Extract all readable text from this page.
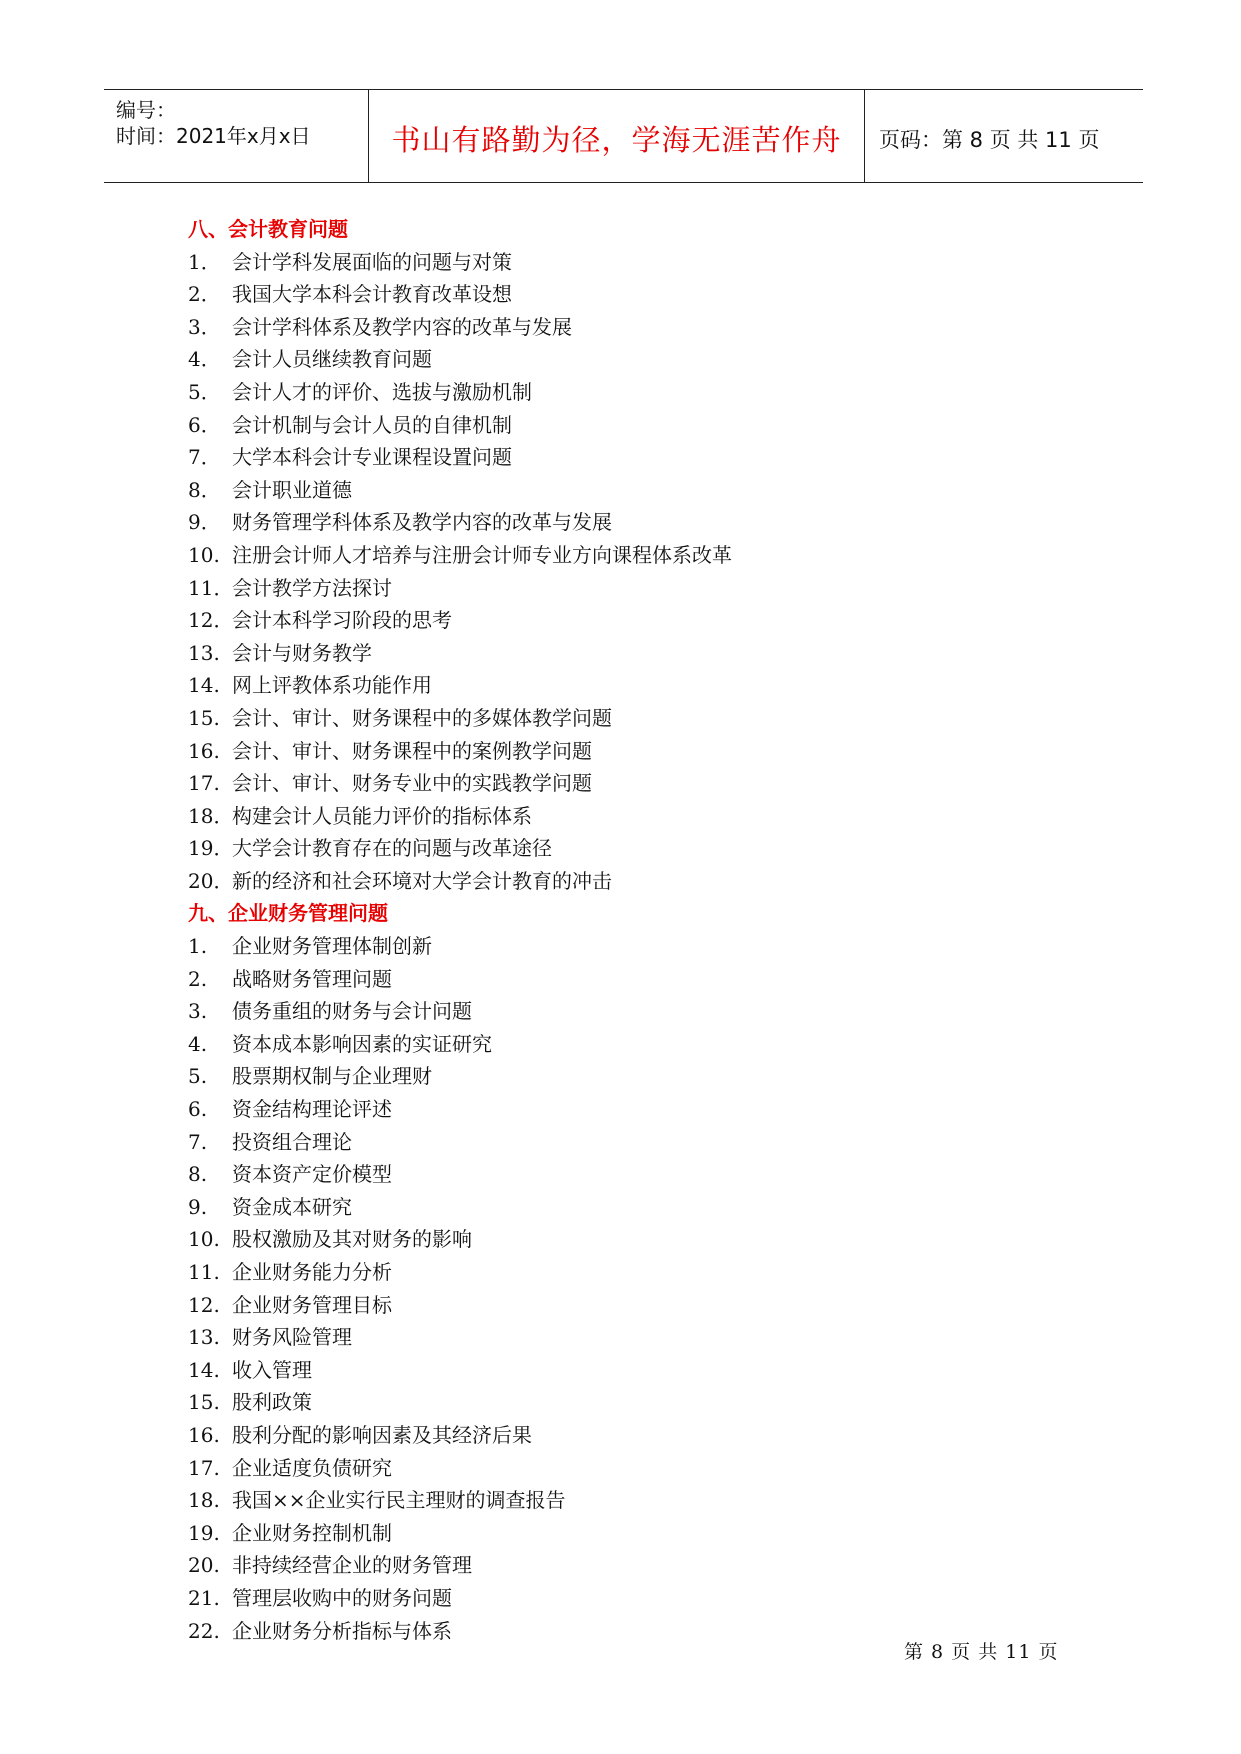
编号：
时间：2021年x月x日	书山有路勤为径，学海无涯苦作舟	页码：第 8 页 共 11 页
八、会计教育问题
1． 会计学科发展面临的问题与对策
2． 我国大学本科会计教育改革设想
3． 会计学科体系及教学内容的改革与发展
4． 会计人员继续教育问题
5． 会计人才的评价、选拔与激励机制
6． 会计机制与会计人员的自律机制
7． 大学本科会计专业课程设置问题
8． 会计职业道德
9． 财务管理学科体系及教学内容的改革与发展
10. 注册会计师人才培养与注册会计师专业方向课程体系改革
11．
会计教学方法探讨
12．
会计本科学习阶段的思考
13. 会计与财务教学
14. 网上评教体系功能作用
15. 会计、审计、财务课程中的多媒体教学问题
16. 会计、审计、财务课程中的案例教学问题
17. 会计、审计、财务专业中的实践教学问题
18．
构建会计人员能力评价的指标体系
19．
大学会计教育存在的问题与改革途径
20．
新的经济和社会环境对大学会计教育的冲击
九、企业财务管理问题
1.	企业财务管理体制创新
2.	战略财务管理问题
3.	债务重组的财务与会计问题
4.	资本成本影响因素的实证研究
5.	股票期权制与企业理财
6.	资金结构理论评述
7.	投资组合理论
8.	资本资产定价模型
9.	资金成本研究
10. 股权激励及其对财务的影响
11. 企业财务能力分析
12. 企业财务管理目标
13. 财务风险管理
14. 收入管理
15. 股利政策
16. 股利分配的影响因素及其经济后果
17. 企业适度负债研究
18. 我国××企业实行民主理财的调查报告
19. 企业财务控制机制
20. 非持续经营企业的财务管理
21. 管理层收购中的财务问题
22. 企业财务分析指标与体系
第 8 页 共 11 页
